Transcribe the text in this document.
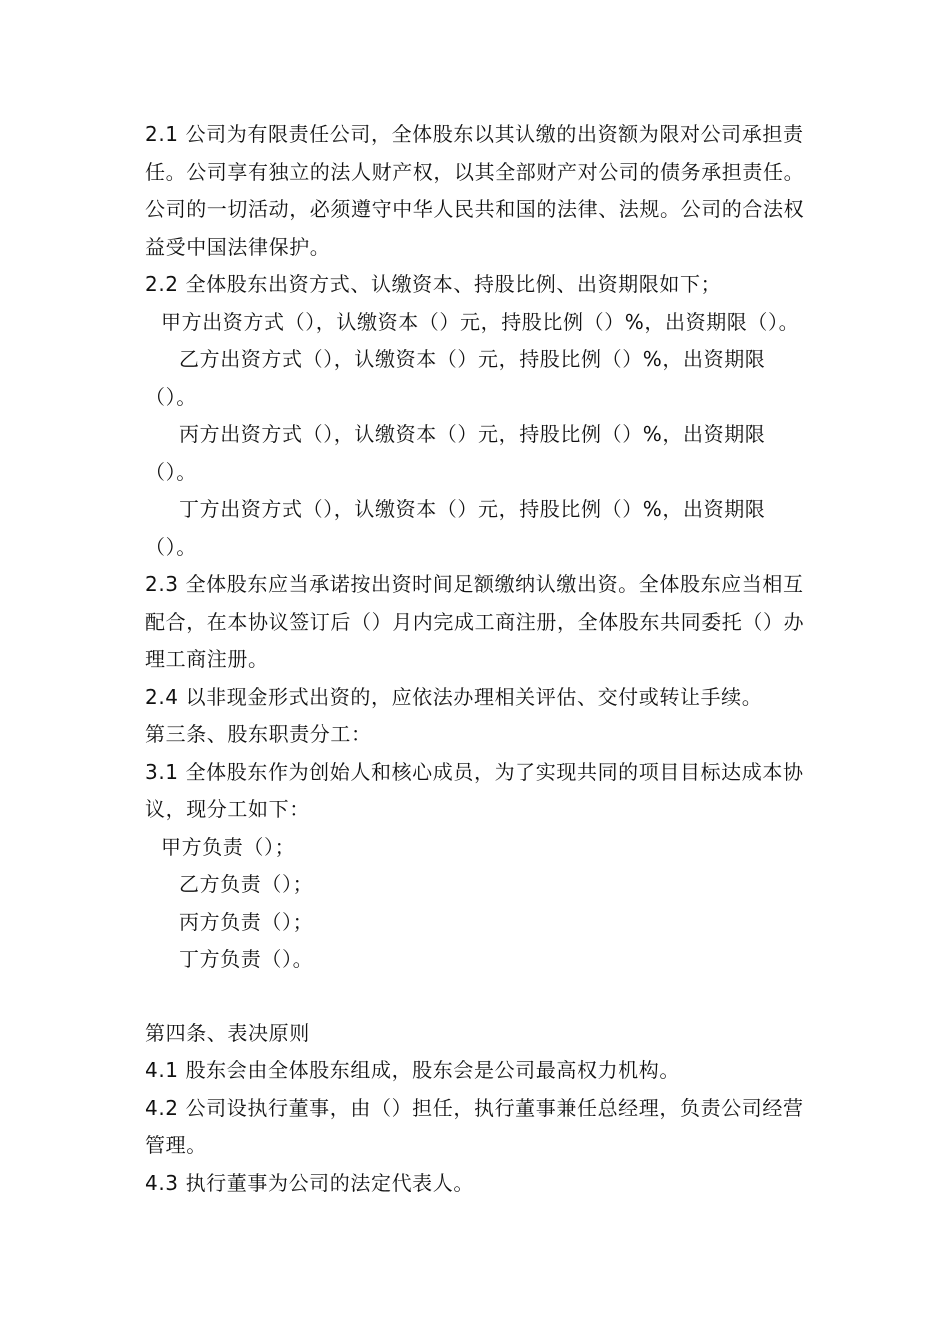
2.1 公司为有限责任公司，全体股东以其认缴的出资额为限对公司承担责任。公司享有独立的法人财产权，以其全部财产对公司的债务承担责任。公司的一切活动，必须遵守中华人民共和国的法律、法规。公司的合法权益受中国法律保护。

2.2 全体股东出资方式、认缴资本、持股比例、出资期限如下；

甲方出资方式（），认缴资本（）元，持股比例（）%，出资期限（）。

乙方出资方式（），认缴资本（）元，持股比例（）%，出资期限（）。

丙方出资方式（），认缴资本（）元，持股比例（）%，出资期限（）。

丁方出资方式（），认缴资本（）元，持股比例（）%，出资期限（）。

2.3 全体股东应当承诺按出资时间足额缴纳认缴出资。全体股东应当相互配合，在本协议签订后（）月内完成工商注册，全体股东共同委托（）办理工商注册。

2.4 以非现金形式出资的，应依法办理相关评估、交付或转让手续。

第三条、股东职责分工：

3.1 全体股东作为创始人和核心成员，为了实现共同的项目目标达成本协议，现分工如下：

甲方负责（）；

乙方负责（）；

丙方负责（）；

丁方负责（）。

第四条、表决原则

4.1 股东会由全体股东组成，股东会是公司最高权力机构。

4.2 公司设执行董事，由（）担任，执行董事兼任总经理，负责公司经营管理。

4.3 执行董事为公司的法定代表人。
